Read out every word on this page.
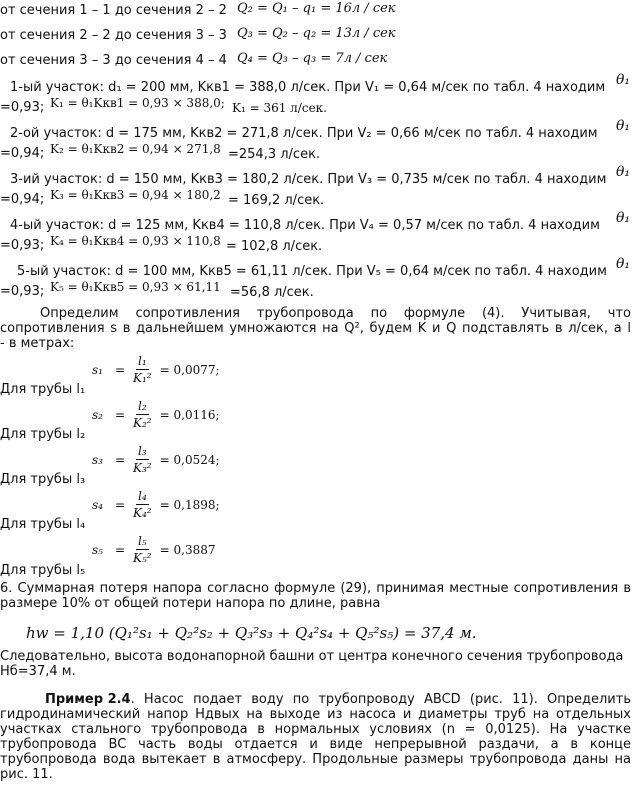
от сечения 1 – 1 до сечения 2 – 2 Q₂ = Q₁ – q₁ = 16л / сек
от сечения 2 – 2 до сечения 3 – 3 Q₃ = Q₂ – q₂ = 13л / сек
от сечения 3 – 3 до сечения 4 – 4 Q₄ = Q₃ – q₃ = 7л / сек
1-ый участок: d₁ = 200 мм, Kкв1 = 388,0 л/сек. При V₁ = 0,64 м/сек по табл. 4 находим θ₁
=0,93; K₁ = θ₁Kкв1 = 0,93 × 388,0; K₁ = 361 л/сек.
2-ой участок: d = 175 мм, Kкв2 = 271,8 л/сек. При V₂ = 0,66 м/сек по табл. 4 находим θ₁
=0,94; K₂ = θ₁Kкв2 = 0,94 × 271,8 =254,3 л/сек.
3-ий участок: d = 150 мм, Kкв3 = 180,2 л/сек. При V₃ = 0,735 м/сек по табл. 4 находим θ₁
=0,94; K₃ = θ₁Kкв3 = 0,94 × 180,2 = 169,2 л/сек.
4-ый участок: d = 125 мм, Kкв4 = 110,8 л/сек. При V₄ = 0,57 м/сек по табл. 4 находим θ₁
=0,93; K₄ = θ₁Kкв4 = 0,93 × 110,8 = 102,8 л/сек.
5-ый участок: d = 100 мм, Kкв5 = 61,11 л/сек. При V₅ = 0,64 м/сек по табл. 4 находим θ₁
=0,93; K₅ = θ₁Kкв5 = 0,93 × 61,11 =56,8 л/сек.
Определим сопротивления трубопровода по формуле (4). Учитывая, что
сопротивления s в дальнейшем умножаются на Q², будем K и Q подставлять в л/сек, а l
- в метрах:
$s_1 = \frac{\text{l₁}}{\text{K₁²}} = 0,0077$;
Для трубы l₁
$s_2 = \frac{\text{l₂}}{\text{K₂²}} = 0,0116$;
Для трубы l₂
$s_3 = \frac{\text{l₃}}{\text{K₃²}} = 0,0524$;
Для трубы l₃
$s_4 = \frac{\text{l₄}}{\text{K₄²}} = 0,1898$;
Для трубы l₄
$s_5 = \frac{\text{l₅}}{\text{K₅²}} = 0,3887$
Для трубы l₅
6. Суммарная потеря напора согласно формуле (29), принимая местные сопротивления в
размере 10% от общей потери напора по длине, равна
hw = 1,10 (Q₁²s₁ + Q₂²s₂ + Q₃²s₃ + Q₄²s₄ + Q₅²s₅) = 37,4 м.
Следовательно, высота водонапорной башни от центра конечного сечения трубопровода
Hб=37,4 м.
Пример 2.4 . Насос подает воду по трубопроводу ABCD (рис. 11). Определить
гидродинамический напор Hдвых на выходе из насоса и диаметры труб на отдельных
участках стального трубопровода в нормальных условиях (n = 0,0125). На участке
трубопровода BC часть воды отдается и виде непрерывной раздачи, а в конце
трубопровода вода вытекает в атмосферу. Продольные размеры трубопровода даны на
рис. 11.
